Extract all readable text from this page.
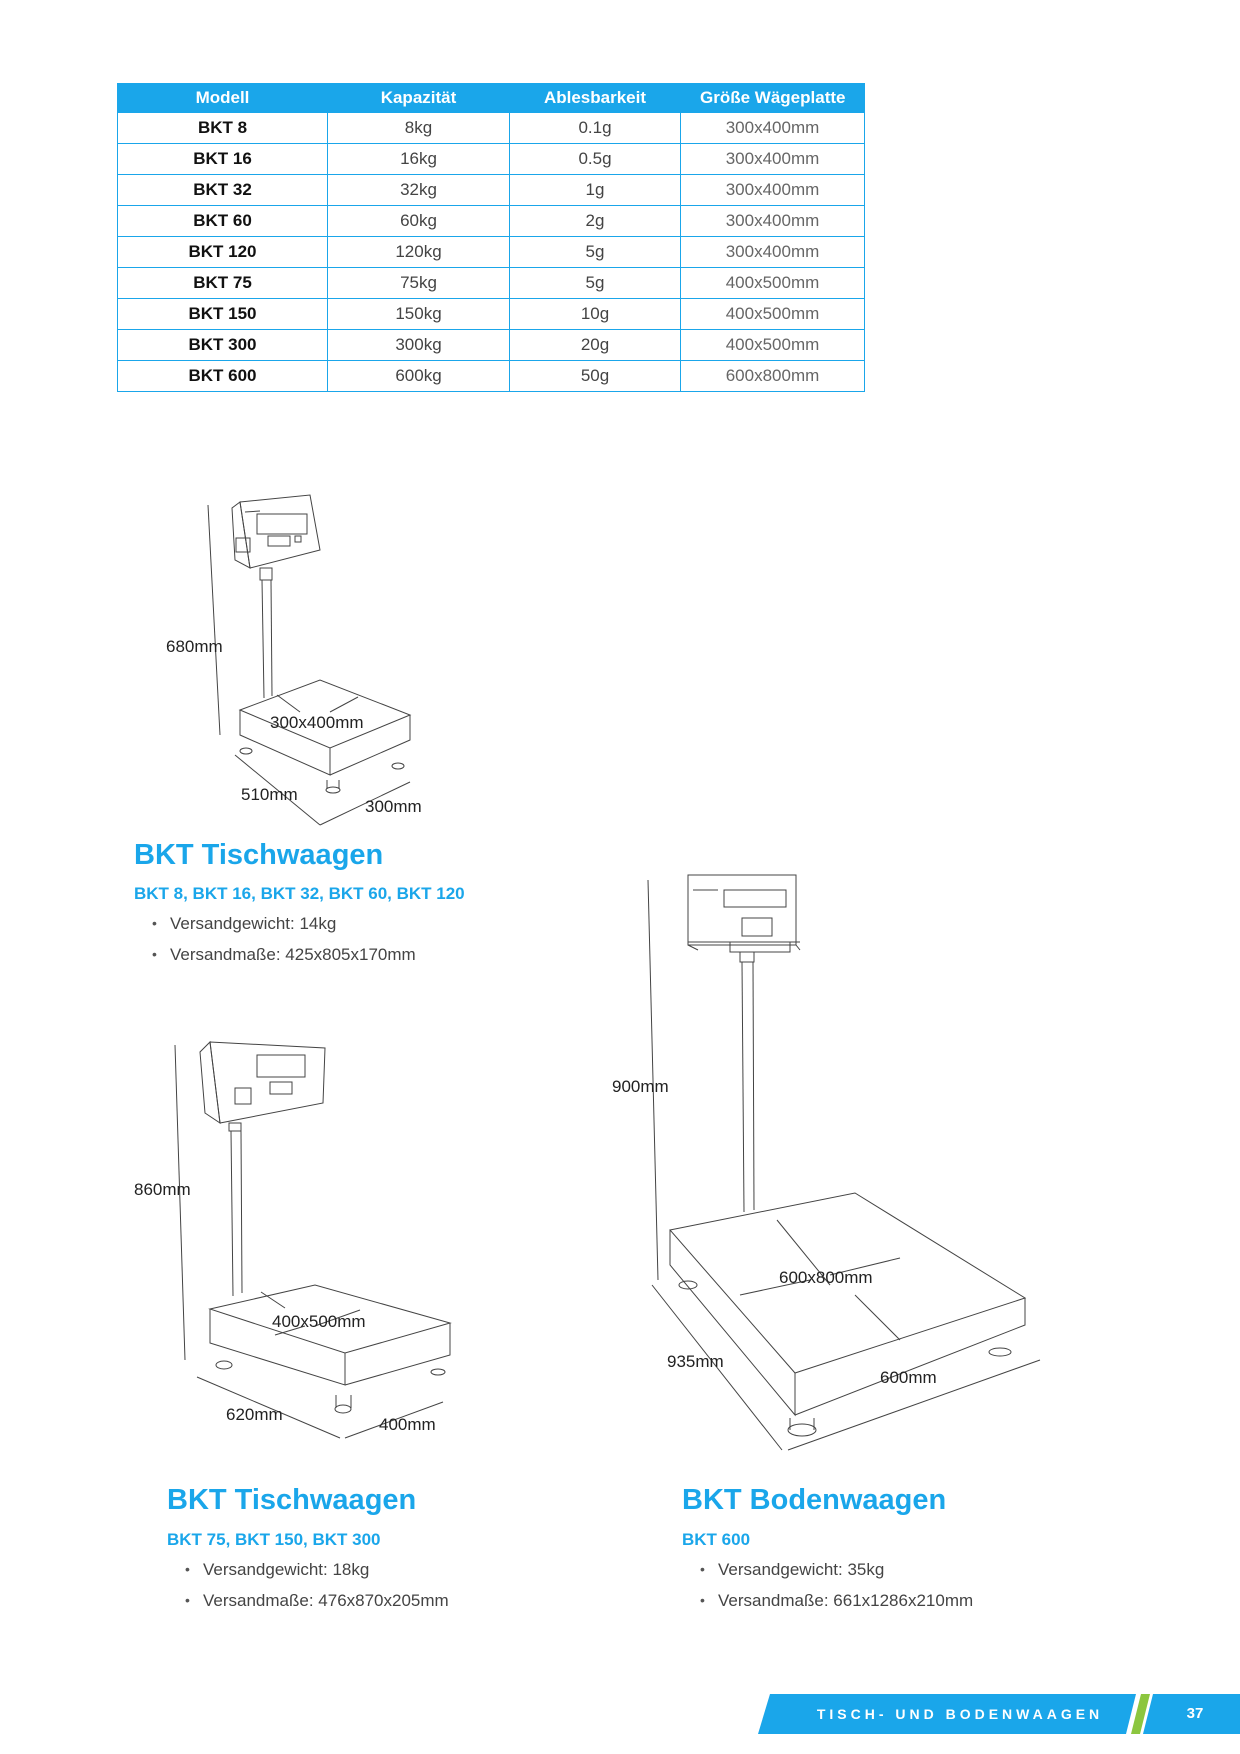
Modell	Kapazität	Ablesbarkeit	Größe Wägeplatte
BKT 8	8kg	0.1g	300x400mm
BKT 16	16kg	0.5g	300x400mm
BKT 32	32kg	1g	300x400mm
BKT 60	60kg	2g	300x400mm
BKT 120	120kg	5g	300x400mm
BKT 75	75kg	5g	400x500mm
BKT 150	150kg	10g	400x500mm
BKT 300	300kg	20g	400x500mm
BKT 600	600kg	50g	600x800mm
680mm
300x400mm
510mm
300mm
BKT Tischwaagen
BKT 8, BKT 16, BKT 32, BKT 60, BKT 120
• Versandgewicht: 14kg
• Versandmaße: 425x805x170mm
860mm
400x500mm
620mm
400mm
BKT Tischwaagen
BKT 75, BKT 150, BKT 300
• Versandgewicht: 18kg
• Versandmaße: 476x870x205mm
900mm
600x800mm
935mm
600mm
BKT Bodenwaagen
BKT 600
• Versandgewicht: 35kg
• Versandmaße: 661x1286x210mm
TISCH- UND BODENWAAGEN	37
